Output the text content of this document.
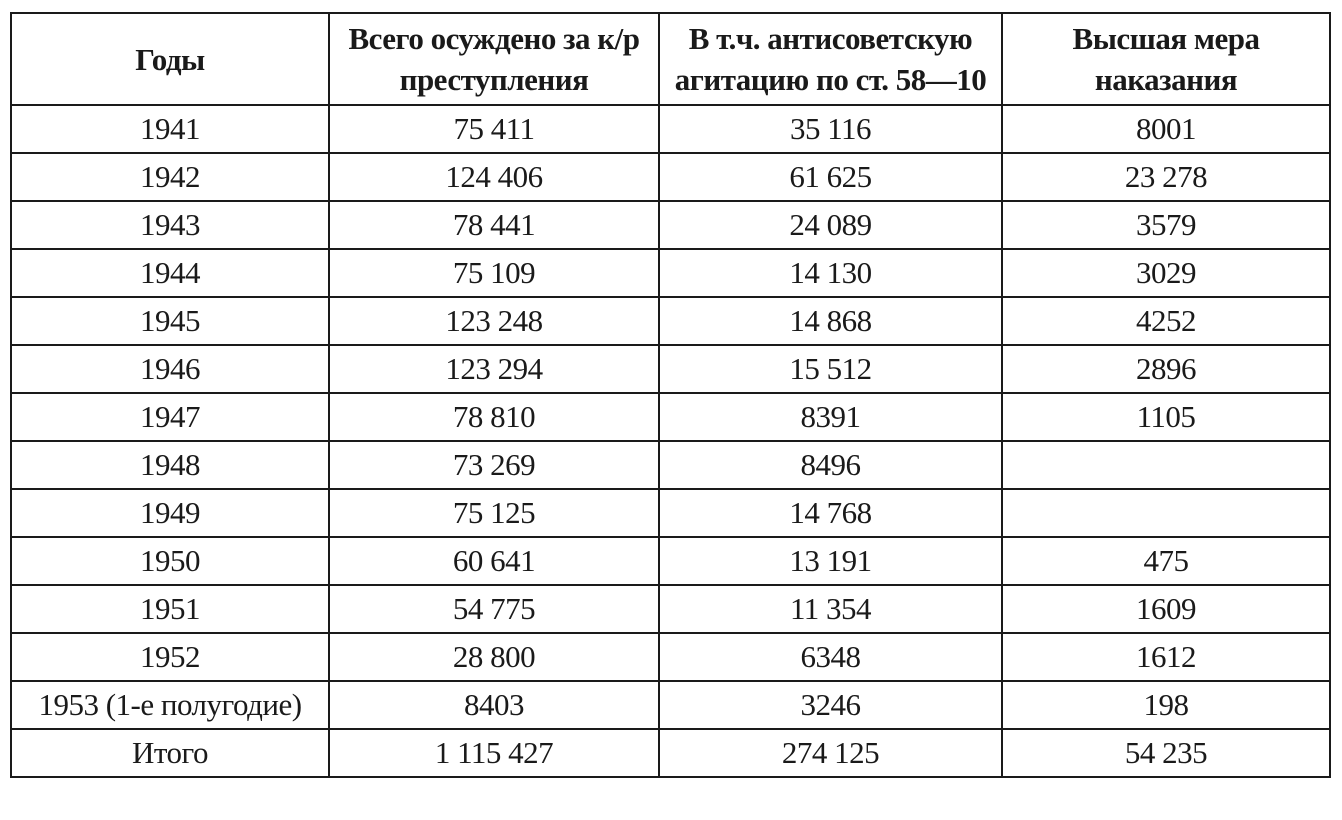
Годы	Всего осуждено за к/р преступления	В т.ч. антисоветскую агитацию по ст. 58—10	Высшая мера наказания
1941	75 411	35 116	8001
1942	124 406	61 625	23 278
1943	78 441	24 089	3579
1944	75 109	14 130	3029
1945	123 248	14 868	4252
1946	123 294	15 512	2896
1947	78 810	8391	1105
1948	73 269	8496	
1949	75 125	14 768	
1950	60 641	13 191	475
1951	54 775	11 354	1609
1952	28 800	6348	1612
1953 (1-е полугодие)	8403	3246	198
Итого	1 115 427	274 125	54 235
